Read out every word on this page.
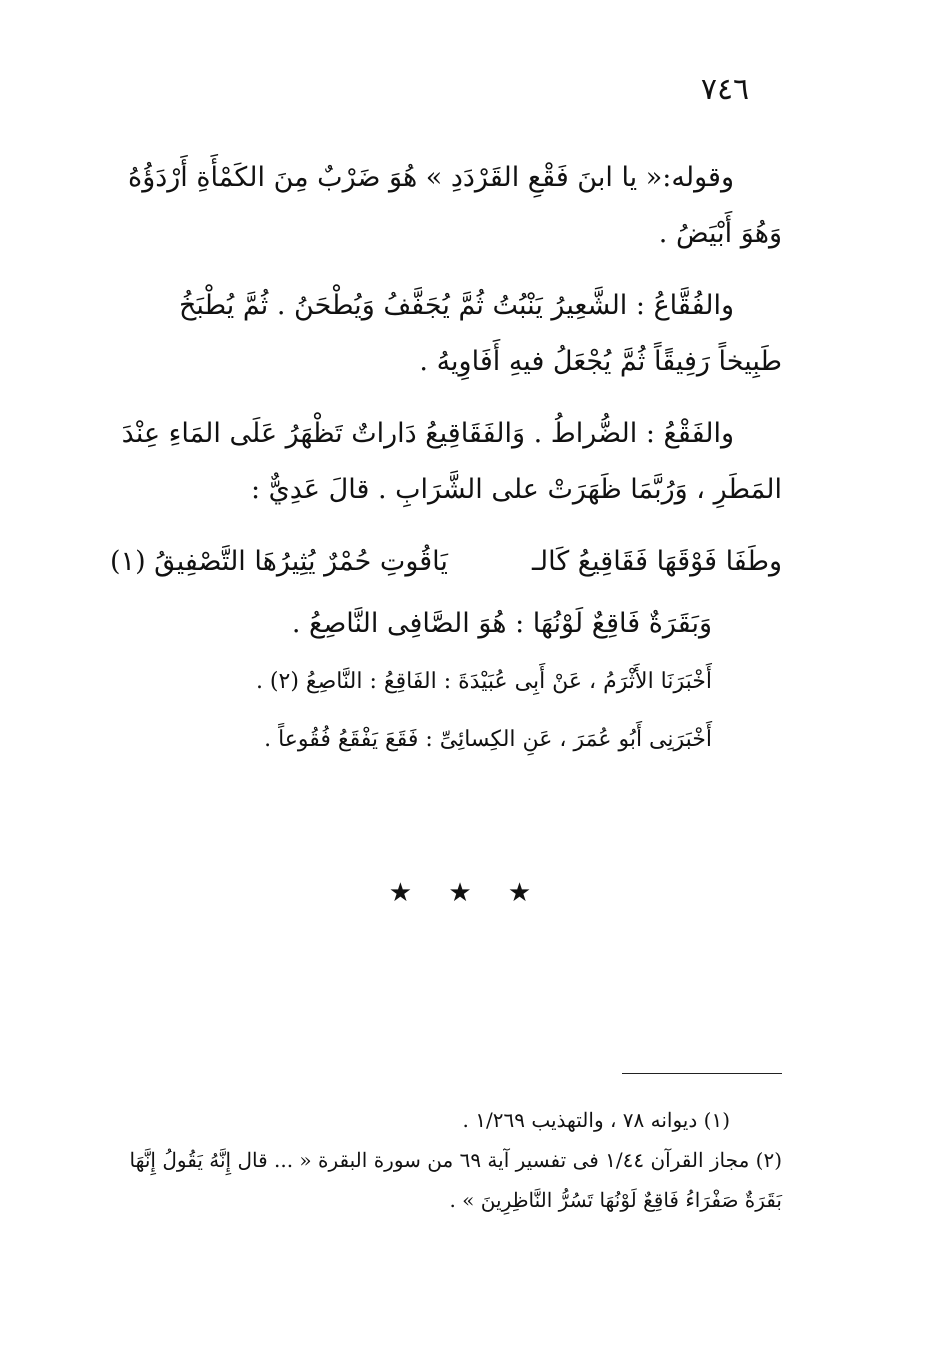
٧٤٦

وقوله:« يا ابنَ فَقْعِ القَرْدَدِ » هُوَ ضَرْبٌ مِنَ الكَمْأَةِ أَرْدَؤُهُ وَهُوَ أَبْيَضُ .

والفُقَّاعُ : الشَّعِيرُ يَنْبُتُ ثُمَّ يُجَفَّفُ وَيُطْحَنُ . ثُمَّ يُطْبَخُ طَبِيخاً رَفِيقًاً ثُمَّ يُجْعَلُ فيهِ أَفَاوِيهُ .

والفَقْعُ : الضُّراطُ . وَالفَقَاقِيعُ دَاراتٌ تَظْهَرُ عَلَى المَاءِ عِنْدَ المَطَرِ ، وَرُبَّمَا ظَهَرَتْ على الشَّرَابِ . قالَ عَدِيٌّ :

وطَفَا فَوْقَهَا فَقَاقِيعُ كَالـ
يَاقُوتِ حُمْرٌ يُثِيرُهَا التَّصْفِيقُ (١)

وَبَقَرَةٌ فَاقِعٌ لَوْنُهَا : هُوَ الصَّافِى النَّاصِعُ .

أَخْبَرَنَا الأَثْرَمُ ، عَنْ أَبِى عُبَيْدَةَ : الفَاقِعُ : النَّاصِعُ (٢) .

أَخْبَرَنِى أَبُو عُمَرَ ، عَنِ الكِسائِىِّ : فَقَعَ يَفْقَعُ فُقُوعاً .

★ ★ ★

(١) ديوانه ٧٨ ، والتهذيب ١/٢٦٩ .

(٢) مجاز القرآن ١/٤٤ فى تفسير آية ٦٩ من سورة البقرة « ... قال إِنَّهُ يَقُولُ إِنَّهَا بَقَرَةٌ صَفْرَاءُ فَاقِعٌ لَوْنُهَا تَسُرُّ النَّاظِرِينَ » .
